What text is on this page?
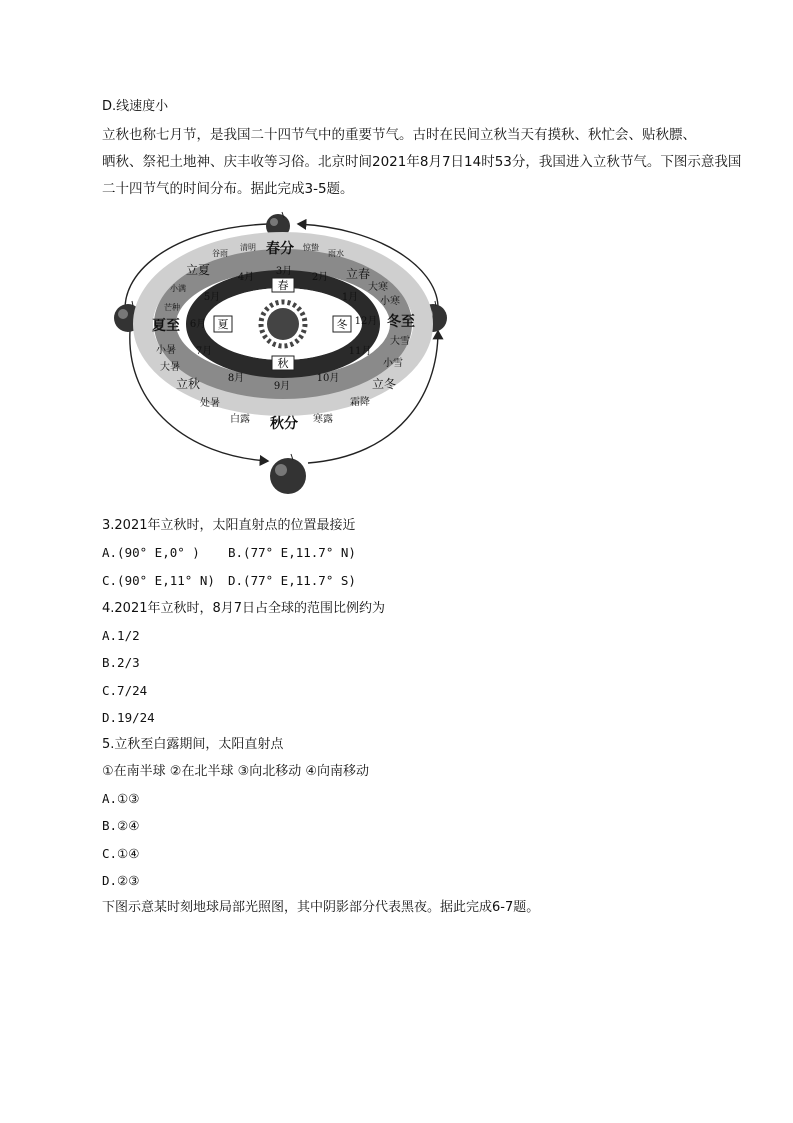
D.线速度小
立秋也称七月节，是我国二十四节气中的重要节气。古时在民间立秋当天有摸秋、秋忙会、贴秋膘、
晒秋、祭祀土地神、庆丰收等习俗。北京时间2021年8月7日14时53分，我国进入立秋节气。下图示意我国
二十四节气的时间分布。据此完成3-5题。
春
秋
夏	冬
1月
2月
3月
4月
5月
6月
7月
8月
9月
10月
11月
12月
春分
夏至
秋分
冬至
立春
大寒
小寒
大雪
小雪
立冬
霜降
寒露
白露
处暑
立秋
大暑
小暑
芒种
小满
立夏
谷雨
清明	惊蛰
雨水
3.2021年立秋时，太阳直射点的位置最接近
A.(90° E,0° ) B.(77° E,11.7° N)
C.(90° E,11° N) D.(77° E,11.7° S)
4.2021年立秋时，8月7日占全球的范围比例约为
A.1/2
B.2/3
C.7/24
D.19/24
5.立秋至白露期间，太阳直射点
①在南半球 ②在北半球 ③向北移动 ④向南移动
A.①③
B.②④
C.①④
D.②③
下图示意某时刻地球局部光照图，其中阴影部分代表黑夜。据此完成6-7题。
